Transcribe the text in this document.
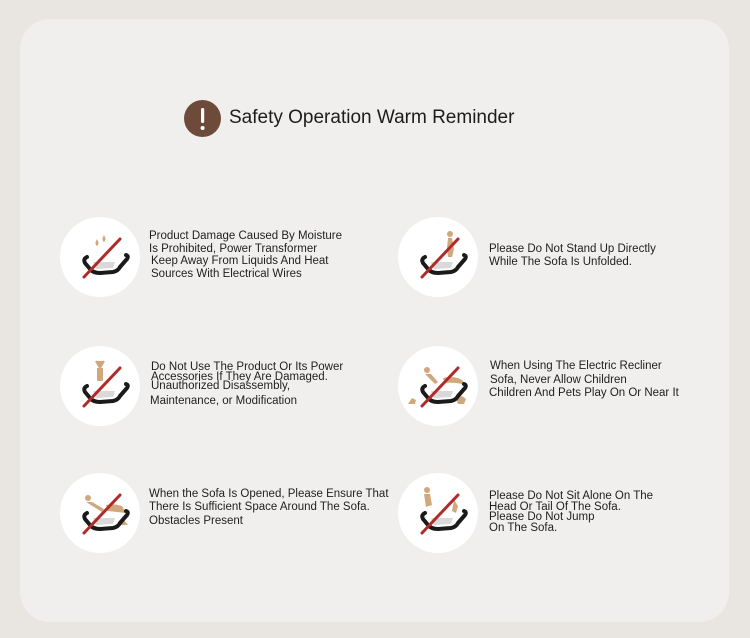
Safety Operation Warm Reminder
Product Damage Caused By Moisture
Is Prohibited, Power Transformer
Keep Away From Liquids And Heat
Sources With Electrical Wires
Please Do Not Stand Up Directly
While The Sofa Is Unfolded.
Do Not Use The Product Or Its Power
Accessories If They Are Damaged.
Unauthorized Disassembly,
Maintenance, or Modification
When Using The Electric Recliner
Sofa, Never Allow Children
Children And Pets Play On Or Near It
When the Sofa Is Opened, Please Ensure That
There Is Sufficient Space Around The Sofa.
Obstacles Present
Please Do Not Sit Alone On The
Head Or Tail Of The Sofa.
Please Do Not Jump
On The Sofa.
